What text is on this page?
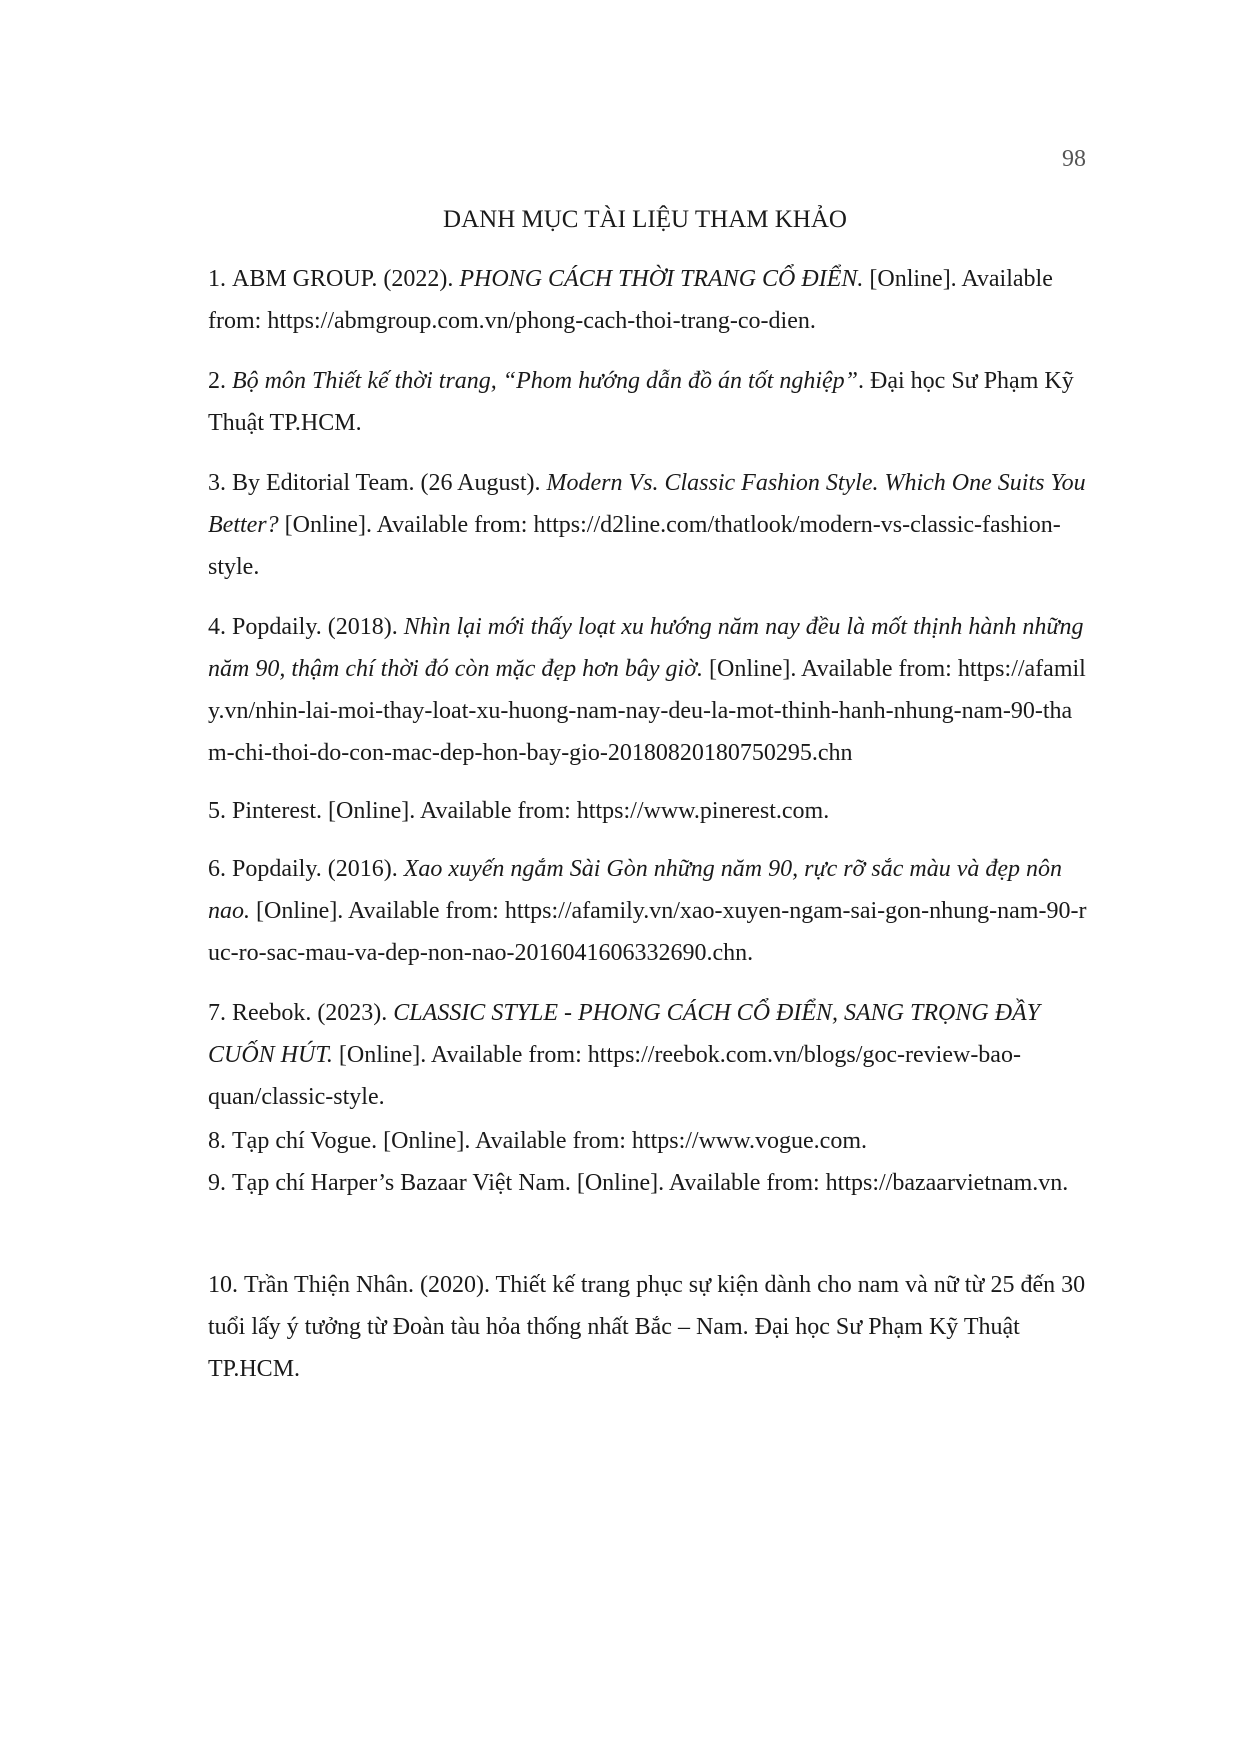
98
DANH MỤC TÀI LIỆU THAM KHẢO
1. ABM GROUP. (2022). PHONG CÁCH THỜI TRANG CỔ ĐIỂN. [Online]. Available from: https://abmgroup.com.vn/phong-cach-thoi-trang-co-dien.
2. Bộ môn Thiết kế thời trang, “Phom hướng dẫn đồ án tốt nghiệp”. Đại học Sư Phạm Kỹ Thuật TP.HCM.
3. By Editorial Team. (26 August). Modern Vs. Classic Fashion Style. Which One Suits You Better? [Online]. Available from: https://d2line.com/thatlook/modern-vs-classic-fashion-style.
4. Popdaily. (2018). Nhìn lại mới thấy loạt xu hướng năm nay đều là mốt thịnh hành những năm 90, thậm chí thời đó còn mặc đẹp hơn bây giờ. [Online]. Available from: https://afamily.vn/nhin-lai-moi-thay-loat-xu-huong-nam-nay-deu-la-mot-thinh-hanh-nhung-nam-90-tham-chi-thoi-do-con-mac-dep-hon-bay-gio-20180820180750295.chn
5. Pinterest. [Online]. Available from: https://www.pinerest.com.
6. Popdaily. (2016). Xao xuyến ngắm Sài Gòn những năm 90, rực rỡ sắc màu và đẹp nôn nao. [Online]. Available from: https://afamily.vn/xao-xuyen-ngam-sai-gon-nhung-nam-90-ruc-ro-sac-mau-va-dep-non-nao-2016041606332690.chn.
7. Reebok. (2023). CLASSIC STYLE - PHONG CÁCH CỔ ĐIỂN, SANG TRỌNG ĐẦY CUỐN HÚT. [Online]. Available from: https://reebok.com.vn/blogs/goc-review-bao-quan/classic-style.
8. Tạp chí Vogue. [Online]. Available from: https://www.vogue.com.
9. Tạp chí Harper’s Bazaar Việt Nam. [Online]. Available from: https://bazaarvietnam.vn.
10. Trần Thiện Nhân. (2020). Thiết kế trang phục sự kiện dành cho nam và nữ từ 25 đến 30 tuổi lấy ý tưởng từ Đoàn tàu hỏa thống nhất Bắc – Nam. Đại học Sư Phạm Kỹ Thuật TP.HCM.
